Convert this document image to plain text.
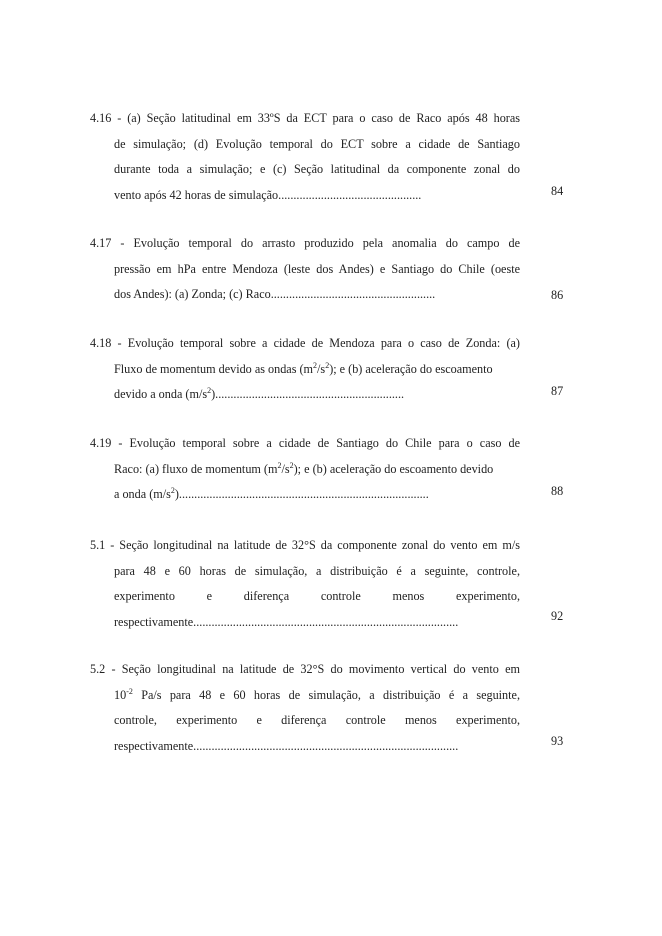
4.16 - (a) Seção latitudinal em 33ºS da ECT para o caso de Raco após 48 horas
de simulação; (d) Evolução temporal do ECT sobre a cidade de Santiago
durante toda a simulação; e (c) Seção latitudinal da componente zonal do
vento após 42 horas de simulação...............................................	84
4.17 - Evolução temporal do arrasto produzido pela anomalia do campo de
pressão em hPa entre Mendoza (leste dos Andes) e Santiago do Chile (oeste
dos Andes): (a) Zonda; (c) Raco......................................................	86
4.18 - Evolução temporal sobre a cidade de Mendoza para o caso de Zonda: (a)
Fluxo de momentum devido as ondas $(m^2/s^2)$; e (b) aceleração do escoamento
devido a onda $(m/s^2)$..............................................................	87
4.19 - Evolução temporal sobre a cidade de Santiago do Chile para o caso de
Raco: (a) fluxo de momentum $(m^2/s^2)$; e (b) aceleração do escoamento devido
a onda $(m/s^2)$..................................................................................	88
5.1 - Seção longitudinal na latitude de 32°S da componente zonal do vento em m/s
para 48 e 60 horas de simulação, a distribuição é a seguinte, controle,
experimento e diferença controle menos experimento,
respectivamente.......................................................................................	92
5.2 - Seção longitudinal na latitude de 32°S do movimento vertical do vento em
$10^{-2}$ Pa/s para 48 e 60 horas de simulação, a distribuição é a seguinte,
controle, experimento e diferença controle menos experimento,
respectivamente.......................................................................................	93
